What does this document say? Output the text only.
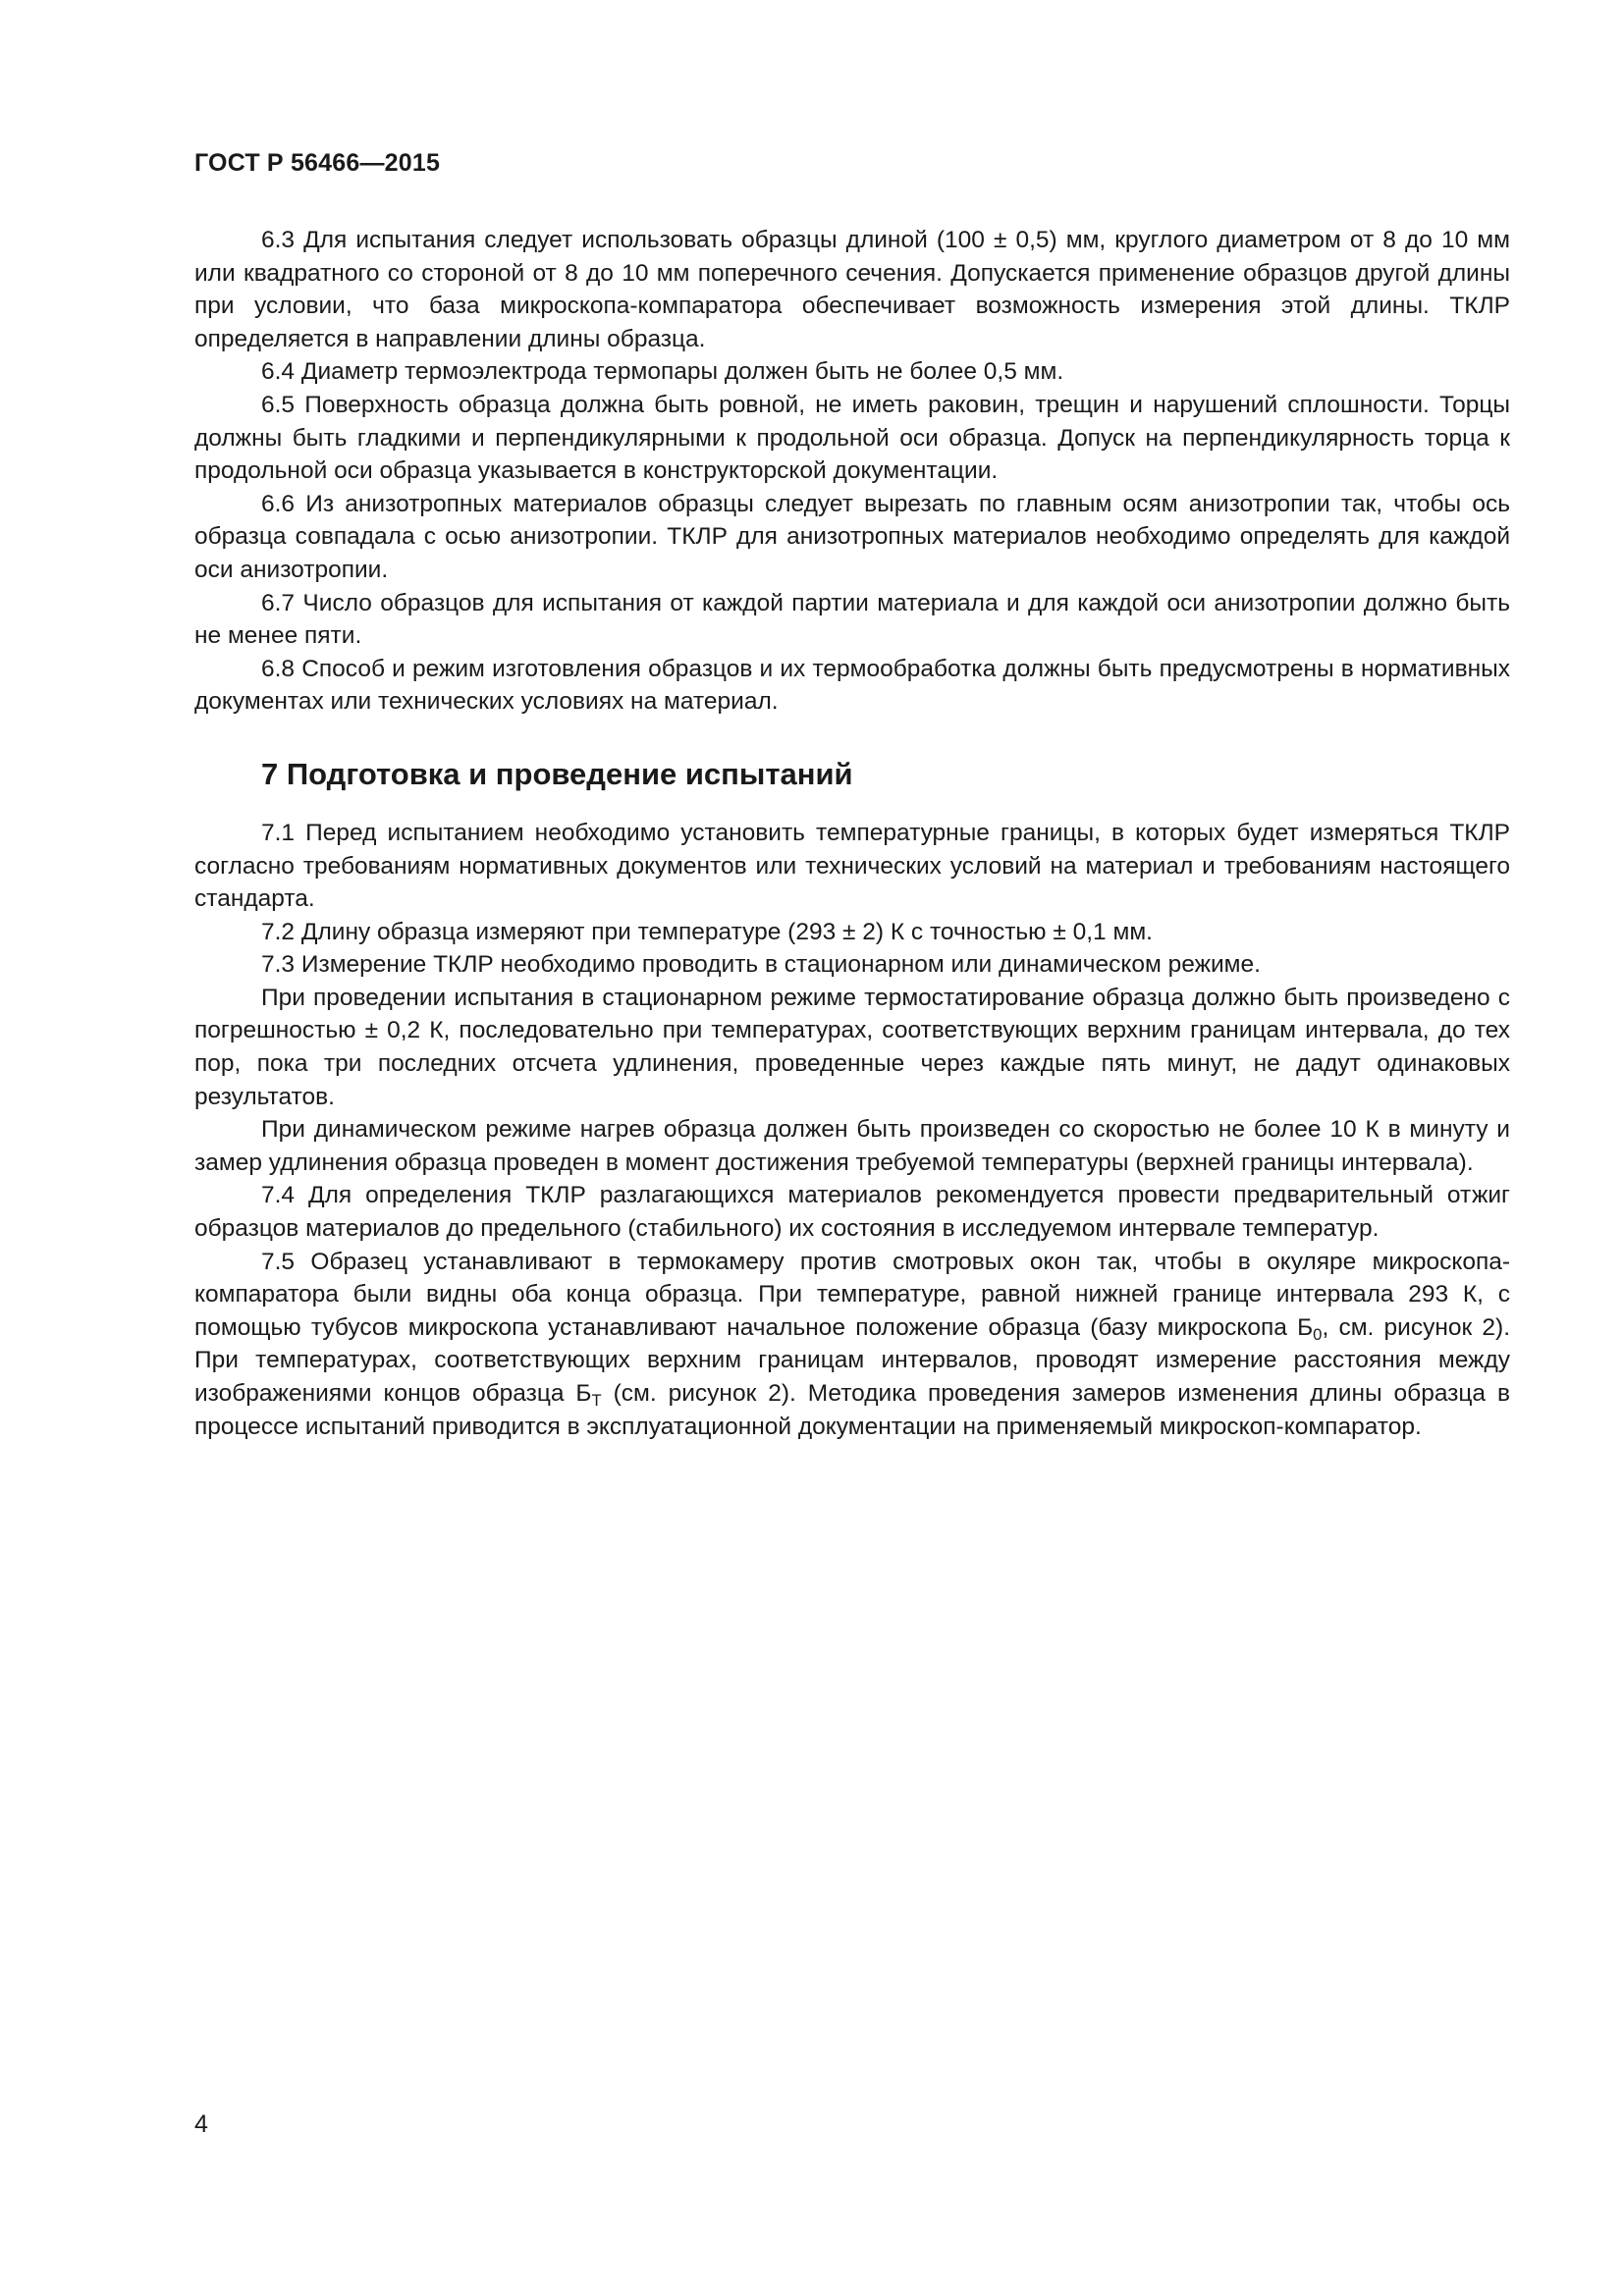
ГОСТ Р 56466—2015

6.3 Для испытания следует использовать образцы длиной (100 ± 0,5) мм, круглого диаметром от 8 до 10 мм или квадратного со стороной от 8 до 10 мм поперечного сечения. Допускается применение образцов другой длины при условии, что база микроскопа-компаратора обеспечивает возможность измерения этой длины. ТКЛР определяется в направлении длины образца.

6.4 Диаметр термоэлектрода термопары должен быть не более 0,5 мм.

6.5 Поверхность образца должна быть ровной, не иметь раковин, трещин и нарушений сплошности. Торцы должны быть гладкими и перпендикулярными к продольной оси образца. Допуск на перпендикулярность торца к продольной оси образца указывается в конструкторской документации.

6.6 Из анизотропных материалов образцы следует вырезать по главным осям анизотропии так, чтобы ось образца совпадала с осью анизотропии. ТКЛР для анизотропных материалов необходимо определять для каждой оси анизотропии.

6.7 Число образцов для испытания от каждой партии материала и для каждой оси анизотропии должно быть не менее пяти.

6.8 Способ и режим изготовления образцов и их термообработка должны быть предусмотрены в нормативных документах или технических условиях на материал.

7 Подготовка и проведение испытаний

7.1 Перед испытанием необходимо установить температурные границы, в которых будет измеряться ТКЛР согласно требованиям нормативных документов или технических условий на материал и требованиям настоящего стандарта.

7.2 Длину образца измеряют при температуре (293 ± 2) К с точностью ± 0,1 мм.

7.3 Измерение ТКЛР необходимо проводить в стационарном или динамическом режиме.

При проведении испытания в стационарном режиме термостатирование образца должно быть произведено с погрешностью ± 0,2 К, последовательно при температурах, соответствующих верхним границам интервала, до тех пор, пока три последних отсчета удлинения, проведенные через каждые пять минут, не дадут одинаковых результатов.

При динамическом режиме нагрев образца должен быть произведен со скоростью не более 10 К в минуту и замер удлинения образца проведен в момент достижения требуемой температуры (верхней границы интервала).

7.4 Для определения ТКЛР разлагающихся материалов рекомендуется провести предварительный отжиг образцов материалов до предельного (стабильного) их состояния в исследуемом интервале температур.

7.5 Образец устанавливают в термокамеру против смотровых окон так, чтобы в окуляре микроскопа-компаратора были видны оба конца образца. При температуре, равной нижней границе интервала 293 К, с помощью тубусов микроскопа устанавливают начальное положение образца (базу микроскопа $Б_0$, см. рисунок 2). При температурах, соответствующих верхним границам интервалов, проводят измерение расстояния между изображениями концов образца $Б_T$ (см. рисунок 2). Методика проведения замеров изменения длины образца в процессе испытаний приводится в эксплуатационной документации на применяемый микроскоп-компаратор.

4
